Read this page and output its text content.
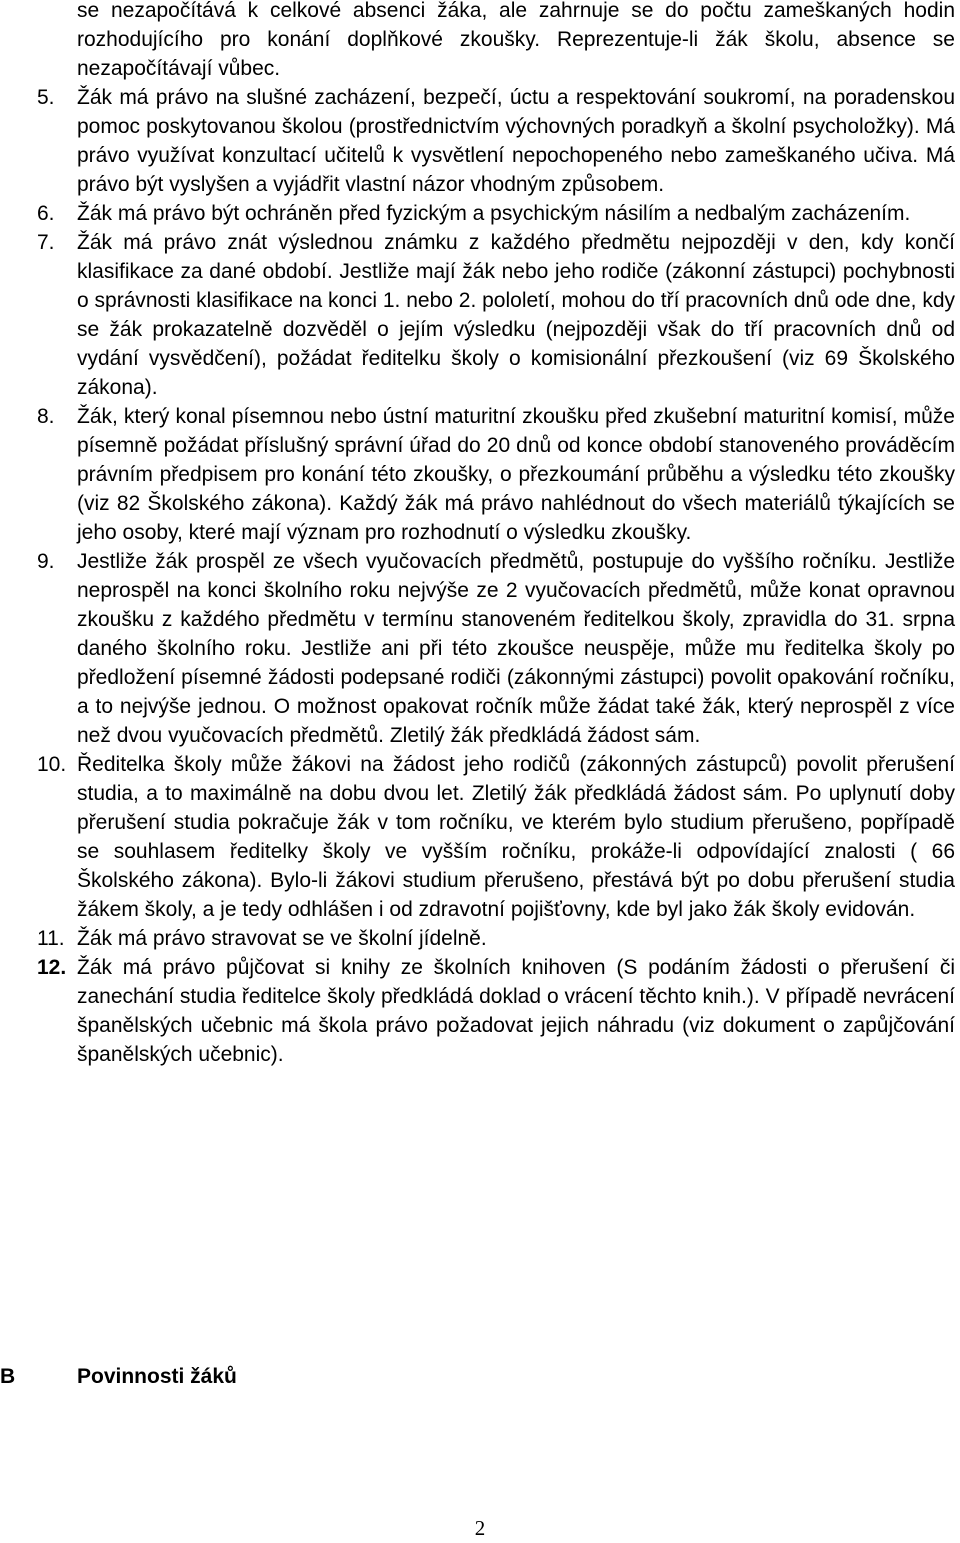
se nezapočítává k celkové absenci žáka, ale zahrnuje se do počtu zameškaných hodin rozhodujícího pro konání doplňkové zkoušky. Reprezentuje-li žák školu, absence se nezapočítávají vůbec.

5. Žák má právo na slušné zacházení, bezpečí, úctu a respektování soukromí, na poradenskou pomoc poskytovanou školou (prostřednictvím výchovných poradkyň a školní psycholožky). Má právo využívat konzultací učitelů k vysvětlení nepochopeného nebo zameškaného učiva. Má právo být vyslyšen a vyjádřit vlastní názor vhodným způsobem.
6. Žák má právo být ochráněn před fyzickým a psychickým násilím a nedbalým zacházením.
7. Žák má právo znát výslednou známku z každého předmětu nejpozději v den, kdy končí klasifikace za dané období. Jestliže mají žák nebo jeho rodiče (zákonní zástupci) pochybnosti o správnosti klasifikace na konci 1. nebo 2. pololetí, mohou do tří pracovních dnů ode dne, kdy se žák prokazatelně dozvěděl o jejím výsledku (nejpozději však do tří pracovních dnů od vydání vysvědčení), požádat ředitelku školy o komisionální přezkoušení (viz 69 Školského zákona).
8. Žák, který konal písemnou nebo ústní maturitní zkoušku před zkušební maturitní komisí, může písemně požádat příslušný správní úřad do 20 dnů od konce období stanoveného prováděcím právním předpisem pro konání této zkoušky, o přezkoumání průběhu a výsledku této zkoušky (viz 82 Školského zákona). Každý žák má právo nahlédnout do všech materiálů týkajících se jeho osoby, které mají význam pro rozhodnutí o výsledku zkoušky.
9. Jestliže žák prospěl ze všech vyučovacích předmětů, postupuje do vyššího ročníku. Jestliže neprospěl na konci školního roku nejvýše ze 2 vyučovacích předmětů, může konat opravnou zkoušku z každého předmětu v termínu stanoveném ředitelkou školy, zpravidla do 31. srpna daného školního roku. Jestliže ani při této zkoušce neuspěje, může mu ředitelka školy po předložení písemné žádosti podepsané rodiči (zákonnými zástupci) povolit opakování ročníku, a to nejvýše jednou. O možnost opakovat ročník může žádat také žák, který neprospěl z více než dvou vyučovacích předmětů. Zletilý žák předkládá žádost sám.
10. Ředitelka školy může žákovi na žádost jeho rodičů (zákonných zástupců) povolit přerušení studia, a to maximálně na dobu dvou let. Zletilý žák předkládá žádost sám. Po uplynutí doby přerušení studia pokračuje žák v tom ročníku, ve kterém bylo studium přerušeno, popřípadě se souhlasem ředitelky školy ve vyšším ročníku, prokáže-li odpovídající znalosti ( 66 Školského zákona). Bylo-li žákovi studium přerušeno, přestává být po dobu přerušení studia žákem školy, a je tedy odhlášen i od zdravotní pojišťovny, kde byl jako žák školy evidován.
11. Žák má právo stravovat se ve školní jídelně.
12. Žák má právo půjčovat si knihy ze školních knihoven (S podáním žádosti o přerušení či zanechání studia ředitelce školy předkládá doklad o vrácení těchto knih.). V případě nevrácení španělských učebnic má škola právo požadovat jejich náhradu (viz dokument o zapůjčování španělských učebnic).
B	Povinnosti žáků
2
